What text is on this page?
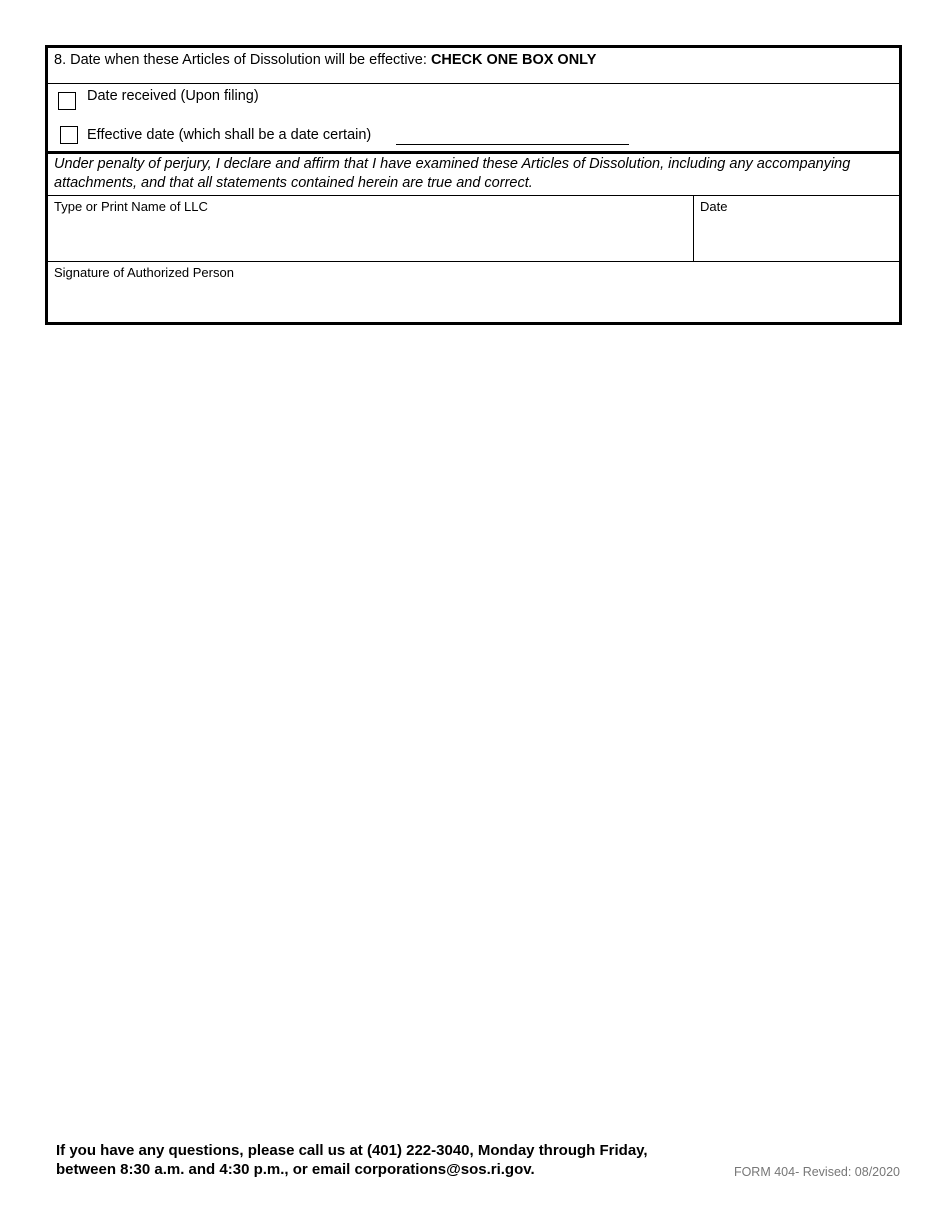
8. Date when these Articles of Dissolution will be effective: CHECK ONE BOX ONLY
Date received (Upon filing)
Effective date (which shall be a date certain)
Under penalty of perjury, I declare and affirm that I have examined these Articles of Dissolution, including any accompanying attachments, and that all statements contained herein are true and correct.
Type or Print Name of LLC	Date
Signature of Authorized Person
If you have any questions, please call us at (401) 222-3040, Monday through Friday,
between 8:30 a.m. and 4:30 p.m., or email corporations@sos.ri.gov.	FORM 404- Revised: 08/2020
